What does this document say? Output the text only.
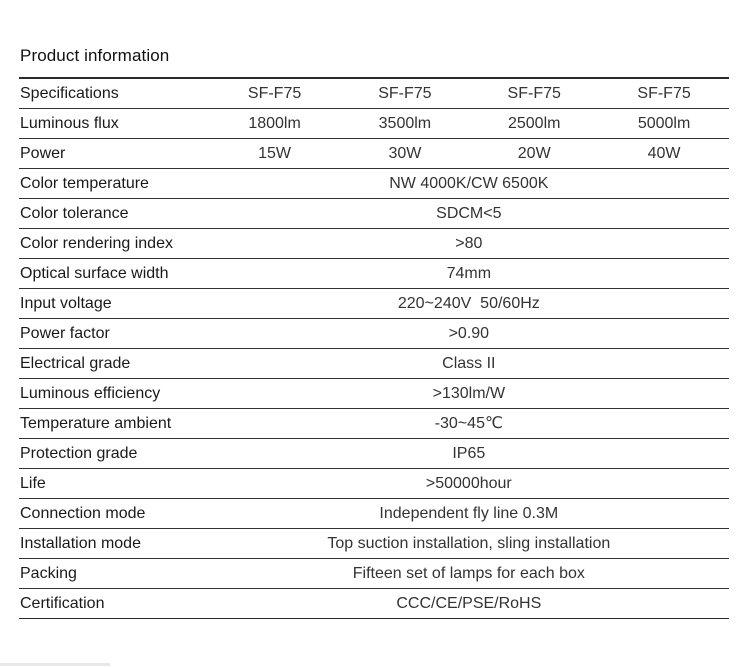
Product information
Specifications	SF-F75	SF-F75	SF-F75	SF-F75
Luminous flux	1800lm	3500lm	2500lm	5000lm
Power	15W	30W	20W	40W
Color temperature	NW 4000K/CW 6500K			
Color tolerance	SDCM<5			
Color rendering index	>80			
Optical surface width	74mm			
Input voltage	220~240V  50/60Hz			
Power factor	>0.90			
Electrical grade	Class II			
Luminous efficiency	>130lm/W			
Temperature ambient	-30~45℃			
Protection grade	IP65			
Life	>50000hour			
Connection mode	Independent fly line 0.3M			
Installation mode	Top suction installation, sling installation			
Packing	Fifteen set of lamps for each box			
Certification	CCC/CE/PSE/RoHS			
